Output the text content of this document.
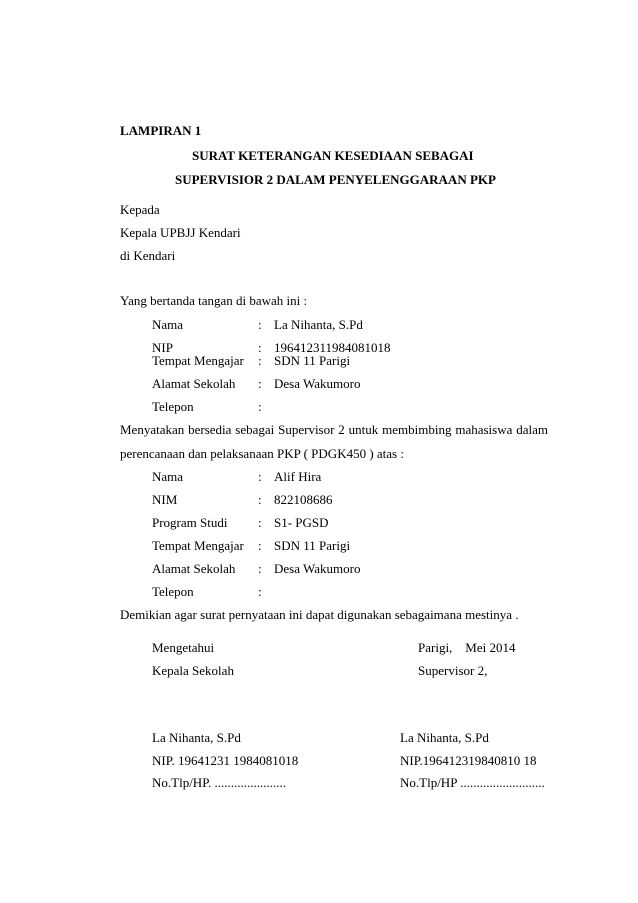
LAMPIRAN 1
SURAT KETERANGAN KESEDIAAN SEBAGAI
SUPERVISIOR 2 DALAM PENYELENGGARAAN PKP
Kepada
Kepala UPBJJ Kendari
di Kendari
Yang bertanda tangan di bawah ini :
Nama	: La Nihanta, S.Pd
NIP	: 196412311984081018
Tempat Mengajar : SDN 11 Parigi
Alamat Sekolah : Desa Wakumoro
Telepon	:
Menyatakan bersedia sebagai Supervisor 2 untuk membimbing mahasiswa dalam
perencanaan dan pelaksanaan PKP ( PDGK450 ) atas :
Nama	: Alif Hira
NIM	: 822108686
Program Studi : S1- PGSD
Tempat Mengajar : SDN 11 Parigi
Alamat Sekolah : Desa Wakumoro
Telepon	:
Demikian agar surat pernyataan ini dapat digunakan sebagaimana mestinya .
Mengetahui
Kepala Sekolah
La Nihanta, S.Pd
NIP. 19641231 1984081018
No.Tlp/HP. ......................
Parigi,    Mei 2014
Supervisor 2,
La Nihanta, S.Pd
NIP.196412319840810 18
No.Tlp/HP ..........................
